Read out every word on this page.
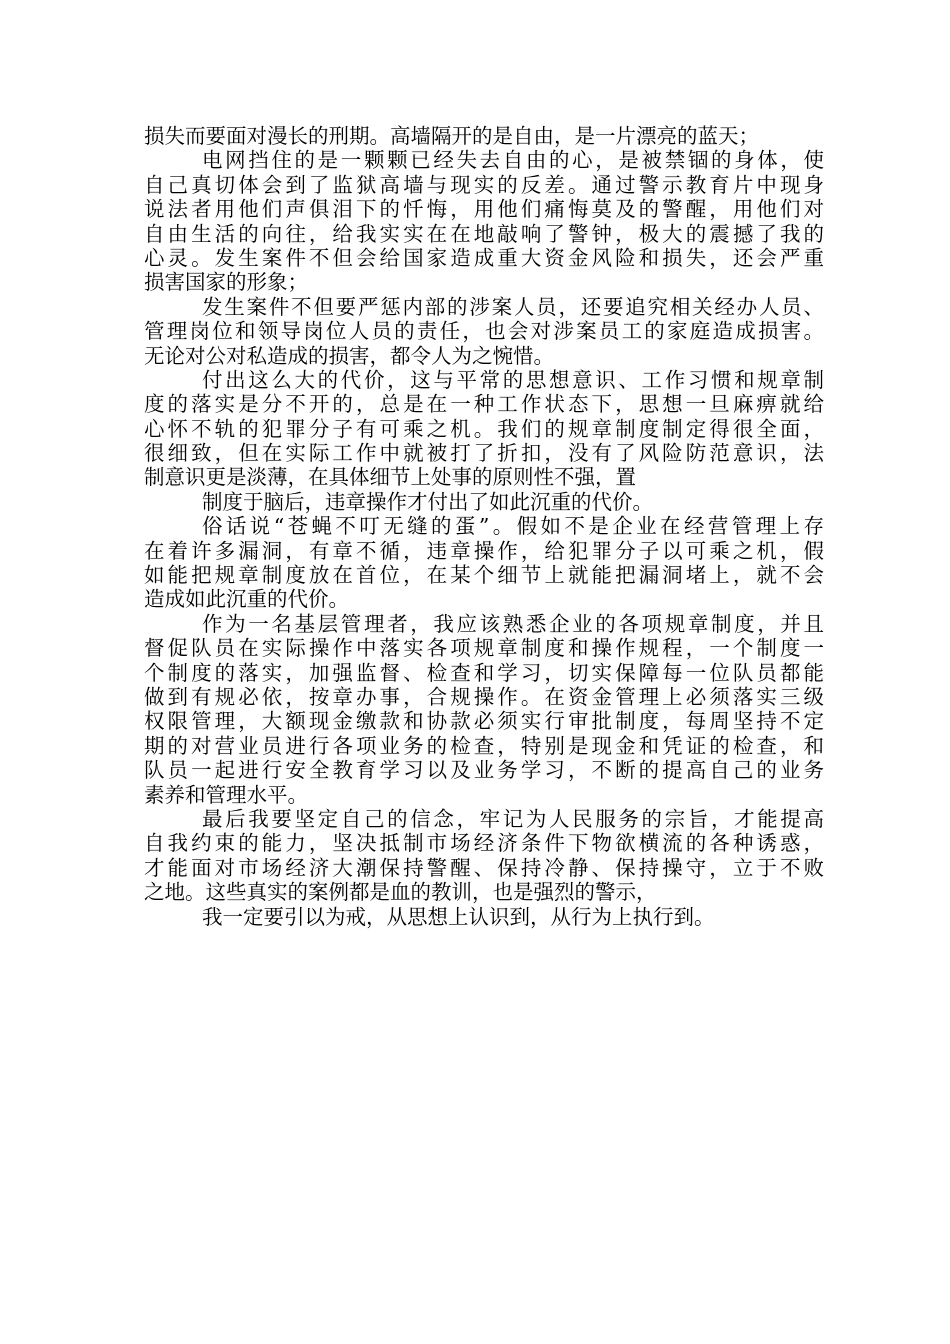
损失而要面对漫长的刑期。高墙隔开的是自由，是一片漂亮的蓝天；
电网挡住的是一颗颗已经失去自由的心，是被禁锢的身体，使
自己真切体会到了监狱高墙与现实的反差。通过警示教育片中现身
说法者用他们声俱泪下的忏悔，用他们痛悔莫及的警醒，用他们对
自由生活的向往，给我实实在在地敲响了警钟，极大的震撼了我的
心灵。发生案件不但会给国家造成重大资金风险和损失，还会严重
损害国家的形象；
发生案件不但要严惩内部的涉案人员，还要追究相关经办人员、
管理岗位和领导岗位人员的责任，也会对涉案员工的家庭造成损害。
无论对公对私造成的损害，都令人为之惋惜。
付出这么大的代价，这与平常的思想意识、工作习惯和规章制
度的落实是分不开的，总是在一种工作状态下，思想一旦麻痹就给
心怀不轨的犯罪分子有可乘之机。我们的规章制度制定得很全面，
很细致，但在实际工作中就被打了折扣，没有了风险防范意识，法
制意识更是淡薄，在具体细节上处事的原则性不强，置
制度于脑后，违章操作才付出了如此沉重的代价。
俗话说“苍蝇不叮无缝的蛋”。假如不是企业在经营管理上存
在着许多漏洞，有章不循，违章操作，给犯罪分子以可乘之机，假
如能把规章制度放在首位，在某个细节上就能把漏洞堵上，就不会
造成如此沉重的代价。
作为一名基层管理者，我应该熟悉企业的各项规章制度，并且
督促队员在实际操作中落实各项规章制度和操作规程，一个制度一
个制度的落实，加强监督、检查和学习，切实保障每一位队员都能
做到有规必依，按章办事，合规操作。在资金管理上必须落实三级
权限管理，大额现金缴款和协款必须实行审批制度，每周坚持不定
期的对营业员进行各项业务的检查，特别是现金和凭证的检查，和
队员一起进行安全教育学习以及业务学习，不断的提高自己的业务
素养和管理水平。
最后我要坚定自己的信念，牢记为人民服务的宗旨，才能提高
自我约束的能力，坚决抵制市场经济条件下物欲横流的各种诱惑，
才能面对市场经济大潮保持警醒、保持冷静、保持操守，立于不败
之地。这些真实的案例都是血的教训，也是强烈的警示，
我一定要引以为戒，从思想上认识到，从行为上执行到。
